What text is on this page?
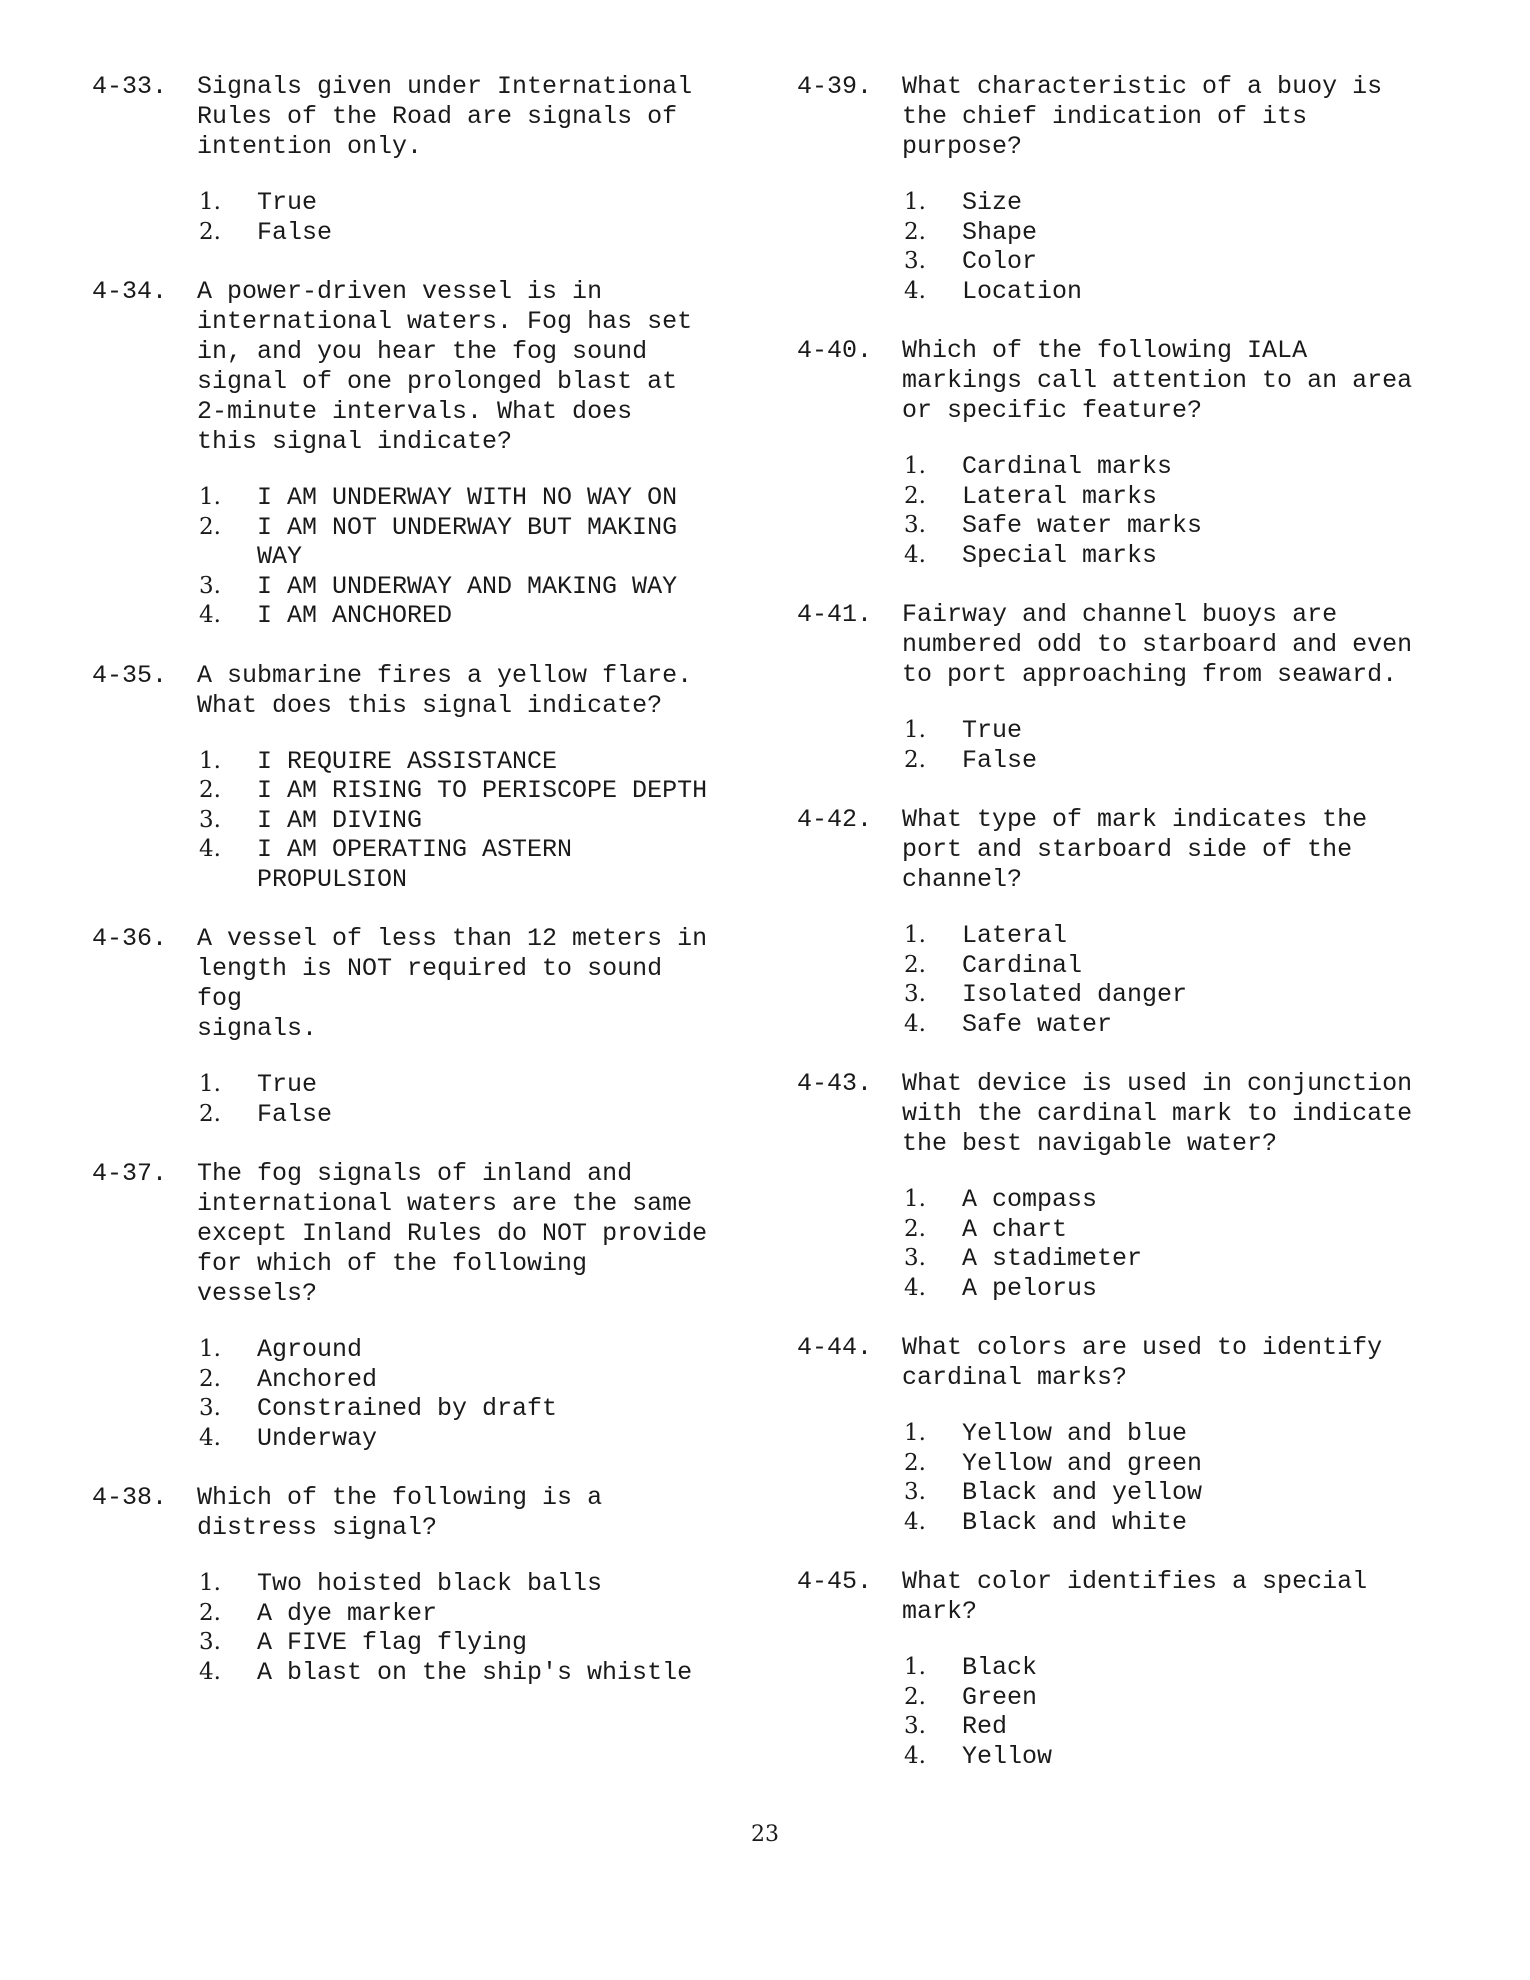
4-33.	Signals given under International
Rules of the Road are signals of
intention only.
1.	True
2.	False
4-34.	A power-driven vessel is in
international waters. Fog has set
in, and you hear the fog sound
signal of one prolonged blast at
2-minute intervals. What does
this signal indicate?
1.	I AM UNDERWAY WITH NO WAY ON
2.	I AM NOT UNDERWAY BUT MAKING
WAY
3.	I AM UNDERWAY AND MAKING WAY
4.	I AM ANCHORED
4-35.	A submarine fires a yellow flare.
What does this signal indicate?
1.	I REQUIRE ASSISTANCE
2.	I AM RISING TO PERISCOPE DEPTH
3.	I AM DIVING
4.	I AM OPERATING ASTERN
PROPULSION
4-36.	A vessel of less than 12 meters in
length is NOT required to sound fog
signals.
1.	True
2.	False
4-37.	The fog signals of inland and
international waters are the same
except Inland Rules do NOT provide
for which of the following vessels?
1.	Aground
2.	Anchored
3.	Constrained by draft
4.	Underway
4-38.	Which of the following is a
distress signal?
1.	Two hoisted black balls
2.	A dye marker
3.	A FIVE flag flying
4.	A blast on the ship's whistle
4-39.	What characteristic of a buoy is
the chief indication of its
purpose?
1.	Size
2.	Shape
3.	Color
4.	Location
4-40.	Which of the following IALA
markings call attention to an area
or specific feature?
1.	Cardinal marks
2.	Lateral marks
3.	Safe water marks
4.	Special marks
4-41.	Fairway and channel buoys are
numbered odd to starboard and even
to port approaching from seaward.
1.	True
2.	False
4-42.	What type of mark indicates the
port and starboard side of the
channel?
1.	Lateral
2.	Cardinal
3.	Isolated danger
4.	Safe water
4-43.	What device is used in conjunction
with the cardinal mark to indicate
the best navigable water?
1.	A compass
2.	A chart
3.	A stadimeter
4.	A pelorus
4-44.	What colors are used to identify
cardinal marks?
1.	Yellow and blue
2.	Yellow and green
3.	Black and yellow
4.	Black and white
4-45.	What color identifies a special
mark?
1.	Black
2.	Green
3.	Red
4.	Yellow
23
